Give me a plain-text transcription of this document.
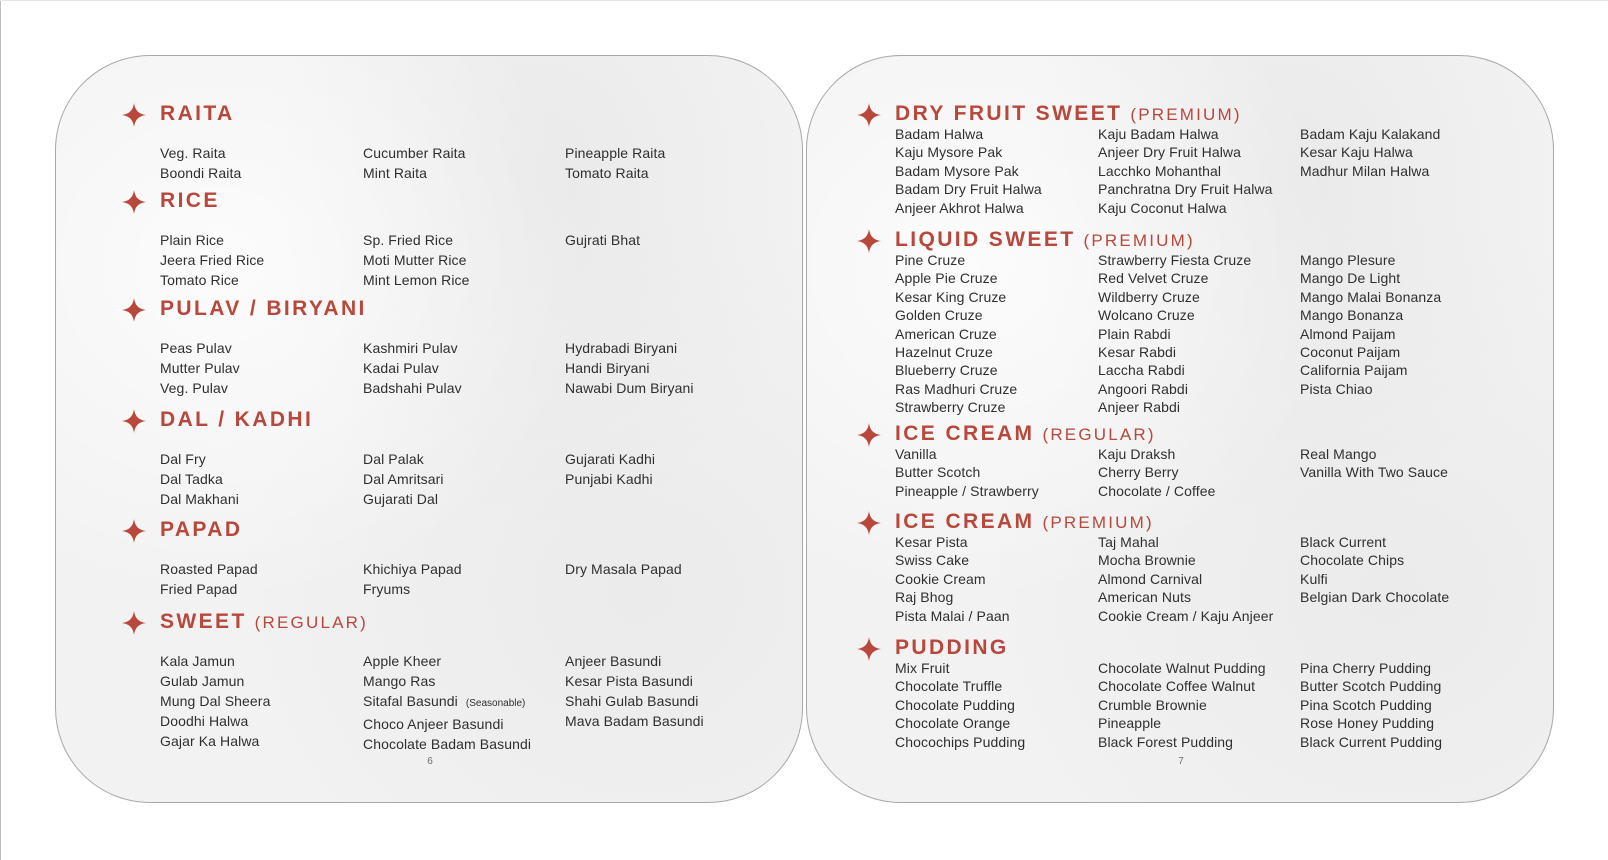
RAITA
Veg. Raita
Boondi Raita
Cucumber Raita
Mint Raita
Pineapple Raita
Tomato Raita
RICE
Plain Rice
Jeera Fried Rice
Tomato Rice
Sp. Fried Rice
Moti Mutter Rice
Mint Lemon Rice
Gujrati Bhat
PULAV / BIRYANI
Peas Pulav
Mutter Pulav
Veg. Pulav
Kashmiri Pulav
Kadai Pulav
Badshahi Pulav
Hydrabadi Biryani
Handi Biryani
Nawabi Dum Biryani
DAL / KADHI
Dal Fry
Dal Tadka
Dal Makhani
Dal Palak
Dal Amritsari
Gujarati Dal
Gujarati Kadhi
Punjabi Kadhi
PAPAD
Roasted Papad
Fried Papad
Khichiya Papad
Fryums
Dry Masala Papad
SWEET (REGULAR)
Kala Jamun
Gulab Jamun
Mung Dal Sheera
Doodhi Halwa
Gajar Ka Halwa
Apple Kheer
Mango Ras
Sitafal Basundi (Seasonable)
Choco Anjeer Basundi
Chocolate Badam Basundi
Anjeer Basundi
Kesar Pista Basundi
Shahi Gulab Basundi
Mava Badam Basundi
6
DRY FRUIT SWEET (PREMIUM)
Badam Halwa
Kaju Mysore Pak
Badam Mysore Pak
Badam Dry Fruit Halwa
Anjeer Akhrot Halwa
Kaju Badam Halwa
Anjeer Dry Fruit Halwa
Lacchko Mohanthal
Panchratna Dry Fruit Halwa
Kaju Coconut Halwa
Badam Kaju Kalakand
Kesar Kaju Halwa
Madhur Milan Halwa
LIQUID SWEET (PREMIUM)
Pine Cruze
Apple Pie Cruze
Kesar King Cruze
Golden Cruze
American Cruze
Hazelnut Cruze
Blueberry Cruze
Ras Madhuri Cruze
Strawberry Cruze
Strawberry Fiesta Cruze
Red Velvet Cruze
Wildberry Cruze
Wolcano Cruze
Plain Rabdi
Kesar Rabdi
Laccha Rabdi
Angoori Rabdi
Anjeer Rabdi
Mango Plesure
Mango De Light
Mango Malai Bonanza
Mango Bonanza
Almond Paijam
Coconut Paijam
California Paijam
Pista Chiao
ICE CREAM (REGULAR)
Vanilla
Butter Scotch
Pineapple / Strawberry
Kaju Draksh
Cherry Berry
Chocolate / Coffee
Real Mango
Vanilla With Two Sauce
ICE CREAM (PREMIUM)
Kesar Pista
Swiss Cake
Cookie Cream
Raj Bhog
Pista Malai / Paan
Taj Mahal
Mocha Brownie
Almond Carnival
American Nuts
Cookie Cream / Kaju Anjeer
Black Current
Chocolate Chips
Kulfi
Belgian Dark Chocolate
PUDDING
Mix Fruit
Chocolate Truffle
Chocolate Pudding
Chocolate Orange
Chocochips Pudding
Chocolate Walnut Pudding
Chocolate Coffee Walnut
Crumble Brownie
Pineapple
Black Forest Pudding
Pina Cherry Pudding
Butter Scotch Pudding
Pina Scotch Pudding
Rose Honey Pudding
Black Current Pudding
7
